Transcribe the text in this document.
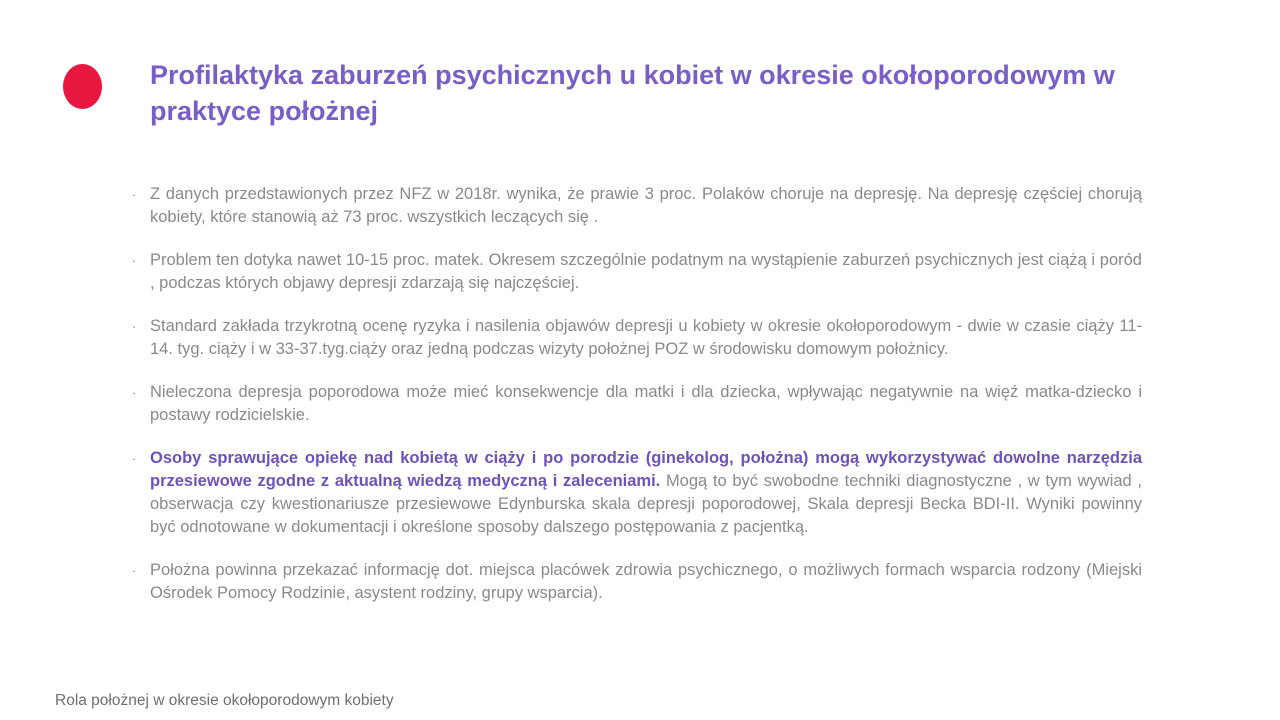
Profilaktyka zaburzeń psychicznych u kobiet w okresie okołoporodowym w praktyce położnej
· Z danych przedstawionych przez NFZ w 2018r. wynika, że prawie 3 proc. Polaków choruje na depresję. Na depresję częściej chorują kobiety, które stanowią aż 73 proc. wszystkich leczących się .
· Problem ten dotyka nawet 10-15 proc. matek. Okresem szczególnie podatnym na wystąpienie zaburzeń psychicznych jest ciążą i poród , podczas których objawy depresji zdarzają się najczęściej.
· Standard zakłada trzykrotną ocenę ryzyka i nasilenia objawów depresji u kobiety w okresie okołoporodowym - dwie w czasie ciąży 11-14. tyg. ciąży i w 33-37.tyg.ciąży oraz jedną podczas wizyty położnej POZ w środowisku domowym położnicy.
· Nieleczona depresja poporodowa może mieć konsekwencje dla matki i dla dziecka, wpływając negatywnie na więź matka-dziecko i postawy rodzicielskie.
· Osoby sprawujące opiekę nad kobietą w ciąży i po porodzie (ginekolog, położna) mogą wykorzystywać dowolne narzędzia przesiewowe zgodne z aktualną wiedzą medyczną i zaleceniami. Mogą to być swobodne techniki diagnostyczne , w tym wywiad , obserwacja czy kwestionariusze przesiewowe Edynburska skala depresji poporodowej, Skala depresji Becka BDI-II. Wyniki powinny być odnotowane w dokumentacji i określone sposoby dalszego postępowania z pacjentką.
· Położna powinna przekazać informację dot. miejsca placówek zdrowia psychicznego, o możliwych formach wsparcia rodzony (Miejski Ośrodek Pomocy Rodzinie, asystent rodziny, grupy wsparcia).

Rola położnej w okresie okołoporodowym kobiety
